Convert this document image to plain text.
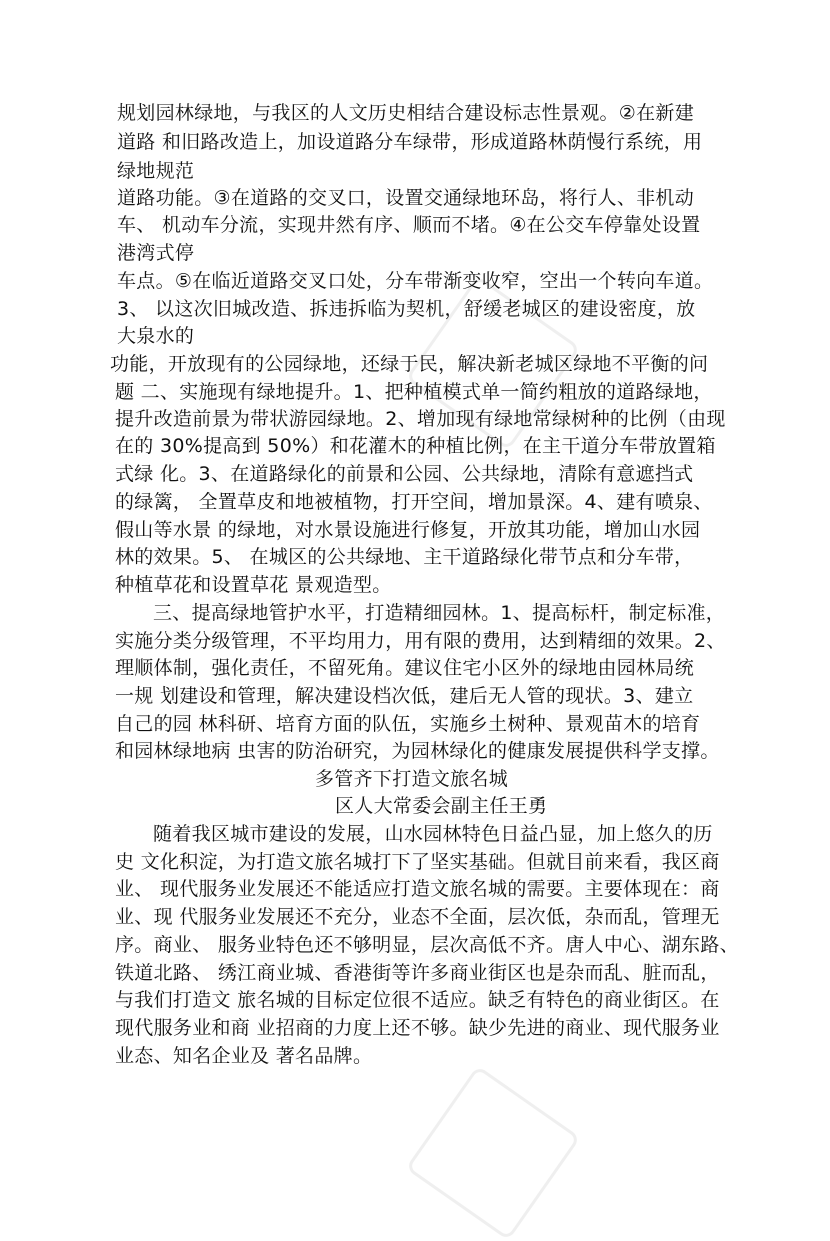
规划园林绿地，与我区的人文历史相结合建设标志性景观。②在新建
道路 和旧路改造上，加设道路分车绿带，形成道路林荫慢行系统，用
绿地规范
道路功能。③在道路的交叉口，设置交通绿地环岛，将行人、非机动
车、 机动车分流，实现井然有序、顺而不堵。④在公交车停靠处设置
港湾式停
车点。⑤在临近道路交叉口处，分车带渐变收窄，空出一个转向车道。
3、 以这次旧城改造、拆违拆临为契机，舒缓老城区的建设密度，放
大泉水的
功能，开放现有的公园绿地，还绿于民，解决新老城区绿地不平衡的问
题 二、实施现有绿地提升。1、把种植模式单一简约粗放的道路绿地，
提升改造前景为带状游园绿地。2、增加现有绿地常绿树种的比例（由现
在的 30%提高到 50%）和花灌木的种植比例，在主干道分车带放置箱
式绿 化。3、在道路绿化的前景和公园、公共绿地，清除有意遮挡式
的绿篱， 全置草皮和地被植物，打开空间，增加景深。4、建有喷泉、
假山等水景 的绿地，对水景设施进行修复，开放其功能，增加山水园
林的效果。5、 在城区的公共绿地、主干道路绿化带节点和分车带，
种植草花和设置草花 景观造型。
三、提高绿地管护水平，打造精细园林。1、提高标杆，制定标准，
实施分类分级管理，不平均用力，用有限的费用，达到精细的效果。2、
理顺体制，强化责任，不留死角。建议住宅小区外的绿地由园林局统
一规 划建设和管理，解决建设档次低，建后无人管的现状。3、建立
自己的园 林科研、培育方面的队伍，实施乡土树种、景观苗木的培育
和园林绿地病 虫害的防治研究，为园林绿化的健康发展提供科学支撑。
多管齐下打造文旅名城
区人大常委会副主任王勇
随着我区城市建设的发展，山水园林特色日益凸显，加上悠久的历
史 文化积淀，为打造文旅名城打下了坚实基础。但就目前来看，我区商
业、 现代服务业发展还不能适应打造文旅名城的需要。主要体现在：商
业、现 代服务业发展还不充分，业态不全面，层次低，杂而乱，管理无
序。商业、 服务业特色还不够明显，层次高低不齐。唐人中心、湖东路、
铁道北路、 绣江商业城、香港街等许多商业街区也是杂而乱、脏而乱，
与我们打造文 旅名城的目标定位很不适应。缺乏有特色的商业街区。在
现代服务业和商 业招商的力度上还不够。缺少先进的商业、现代服务业
业态、知名企业及 著名品牌。
